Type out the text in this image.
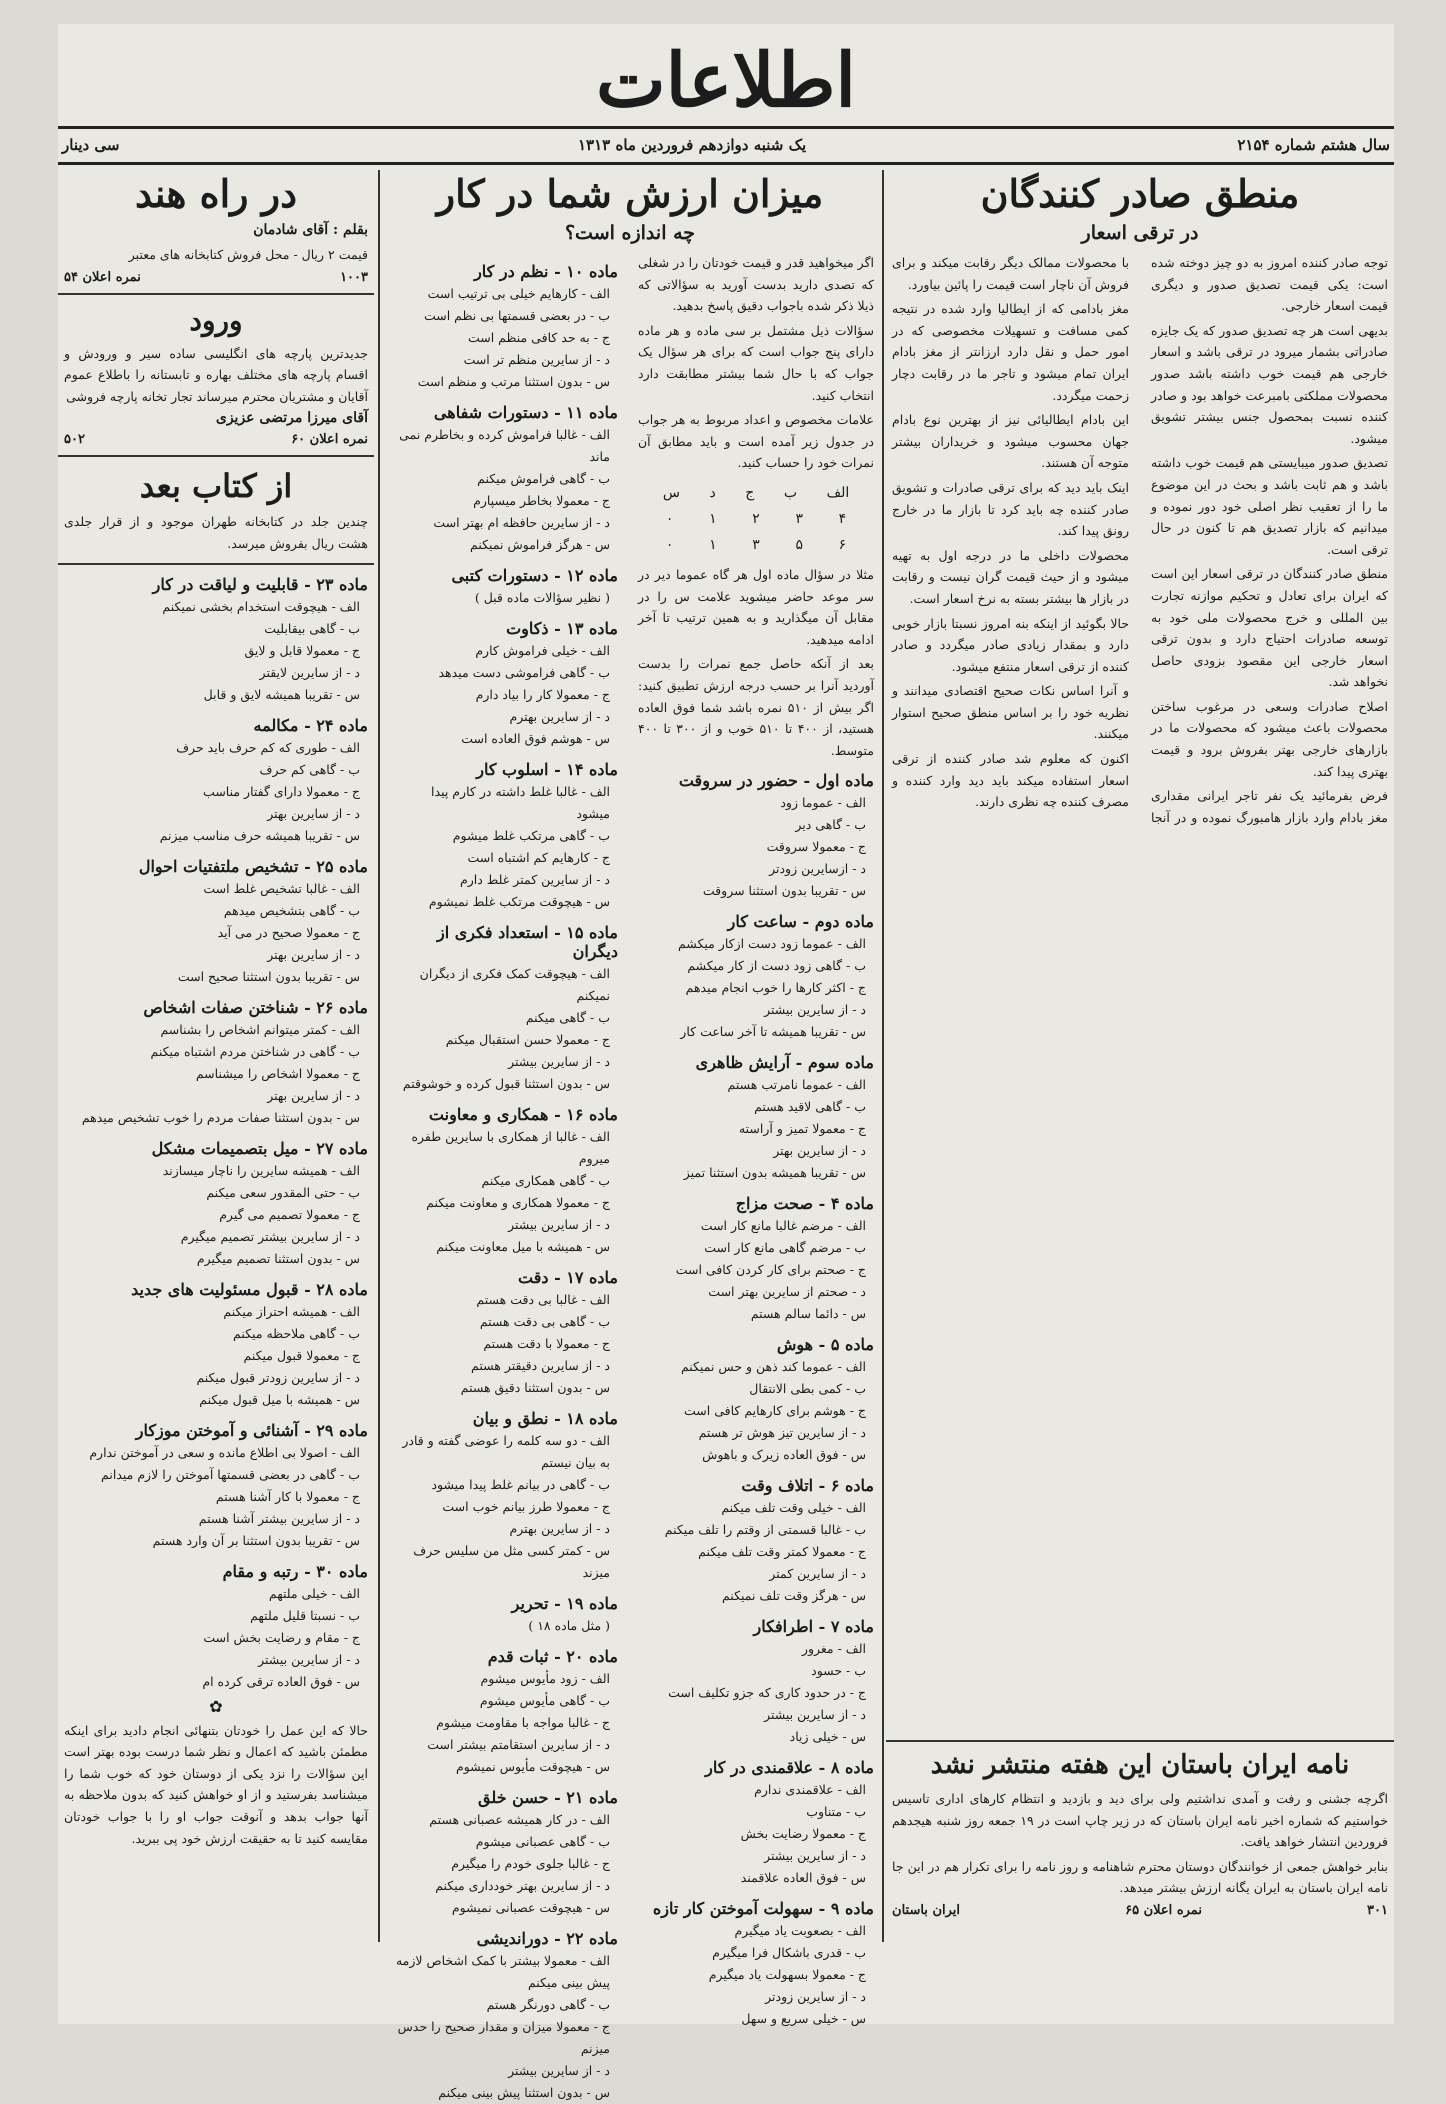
اطلاعات
سال هشتم شماره ۲۱۵۴
یک شنبه دوازدهم فروردین ماه ۱۳۱۳
سی دینار
منطق صادر کنندگان
در ترقی اسعار

توجه صادر کننده امروز به دو چیز دوخته شده است: یکی قیمت تصدیق صدور و دیگری قیمت اسعار خارجی.

بدیهی است هر چه تصدیق صدور که یک جایزه صادراتی بشمار میرود در ترقی باشد و اسعار خارجی هم قیمت خوب داشته باشد صدور محصولات مملکتی بامبرعت خواهد بود و صادر کننده نسبت بمحصول جنس بیشتر تشویق میشود.

تصدیق صدور میبایستی هم قیمت خوب داشته باشد و هم ثابت باشد و بحث در این موضوع ما را از تعقیب نظر اصلی خود دور نموده و میدانیم که بازار تصدیق هم تا کنون در حال ترقی است.

منطق صادر کنندگان در ترقی اسعار این است که ایران برای تعادل و تحکیم موازنه تجارت بین المللی و خرج محصولات ملی خود به توسعه صادرات احتیاج دارد و بدون ترقی اسعار خارجی این مقصود بزودی حاصل نخواهد شد.

اصلاح صادرات وسعی در مرغوب ساختن محصولات باعث میشود که محصولات ما در بازارهای خارجی بهتر بفروش برود و قیمت بهتری پیدا کند.

فرض بفرمائید یک نفر تاجر ایرانی مقداری مغز بادام وارد بازار هامبورگ نموده و در آنجا با محصولات ممالک دیگر رقابت میکند و برای فروش آن ناچار است قیمت را پائین بیاورد.

مغز بادامی که از ایطالیا وارد شده در نتیجه کمی مسافت و تسهیلات مخصوصی که در امور حمل و نقل دارد ارزانتر از مغز بادام ایران تمام میشود و تاجر ما در رقابت دچار زحمت میگردد.

این بادام ایطالیائی نیز از بهترین نوع بادام جهان محسوب میشود و خریداران بیشتر متوجه آن هستند.

اینک باید دید که برای ترقی صادرات و تشویق صادر کننده چه باید کرد تا بازار ما در خارج رونق پیدا کند.

محصولات داخلی ما در درجه اول به تهیه میشود و از حیث قیمت گران نیست و رقابت در بازار ها بیشتر بسته به نرخ اسعار است.

حالا بگوئید از اینکه بنه امروز نسبتا بازار خوبی دارد و بمقدار زیادی صادر میگردد و صادر کننده از ترقی اسعار منتفع میشود.

و آنرا اساس نکات صحیح اقتصادی میدانند و نظریه خود را بر اساس منطق صحیح استوار میکنند.

اکنون که معلوم شد صادر کننده از ترقی اسعار استفاده میکند باید دید وارد کننده و مصرف کننده چه نظری دارند.

نامه ایران باستان این هفته منتشر نشد

اگرچه جشنی و رفت و آمدی نداشتیم ولی برای دید و بازدید و انتظام کارهای اداری تاسیس خواستیم که شماره اخیر نامه ایران باستان که در زیر چاپ است در ۱۹ جمعه روز شنبه هیجدهم فروردین انتشار خواهد یافت.

بنابر خواهش جمعی از خوانندگان دوستان محترم شاهنامه و روز نامه را برای تکرار هم در این جا نامه ایران باستان به ایران یگانه ارزش بیشتر میدهد.

۳۰۱
نمره اعلان ۶۵
ایران باستان
میزان ارزش شما در کار
چه اندازه است؟

اگر میخواهید قدر و قیمت خودتان را در شغلی که تصدی دارید بدست آورید به سؤالاتی که ذیلا ذکر شده باجواب دقیق پاسخ بدهید.

سؤالات ذیل مشتمل بر سی ماده و هر ماده دارای پنج جواب است که برای هر سؤال یک جواب که با حال شما بیشتر مطابقت دارد انتخاب کنید.

علامات مخصوص و اعداد مربوط به هر جواب در جدول زیر آمده است و باید مطابق آن نمرات خود را حساب کنید.

الف
ب
ج
د
س
۴
۳
۲
۱
۰
۶
۵
۳
۱
۰

مثلا در سؤال ماده اول هر گاه عموما دیر در سر موعد حاضر میشوید علامت س را در مقابل آن میگذارید و به همین ترتیب تا آخر ادامه میدهید.

بعد از آنکه حاصل جمع نمرات را بدست آوردید آنرا بر حسب درجه ارزش تطبیق کنید: اگر بیش از ۵۱۰ نمره باشد شما فوق العاده هستید، از ۴۰۰ تا ۵۱۰ خوب و از ۳۰۰ تا ۴۰۰ متوسط.

ماده اول - حضور در سروقت
الف - عموما زود
ب - گاهی دیر
ج - معمولا سروقت
د - ازسایرین زودتر
س - تقریبا بدون استثنا سروقت
ماده دوم - ساعت کار
الف - عموما زود دست ازکار میکشم
ب - گاهی زود دست از کار میکشم
ج - اکثر کارها را خوب انجام میدهم
د - از سایرین بیشتر
س - تقریبا همیشه تا آخر ساعت کار
ماده سوم - آرایش ظاهری
الف - عموما نامرتب هستم
ب - گاهی لاقید هستم
ج - معمولا تمیز و آراسته
د - از سایرین بهتر
س - تقریبا همیشه بدون استثنا تمیز
ماده ۴ - صحت مزاج
الف - مرضم غالبا مانع کار است
ب - مرضم گاهی مانع کار است
ج - صحتم برای کار کردن کافی است
د - صحتم از سایرین بهتر است
س - دائما سالم هستم
ماده ۵ - هوش
الف - عموما کند ذهن و حس نمیکنم
ب - کمی بطی الانتقال
ج - هوشم برای کارهایم کافی است
د - از سایرین تیز هوش تر هستم
س - فوق العاده زیرک و باهوش
ماده ۶ - اتلاف وقت
الف - خیلی وقت تلف میکنم
ب - غالبا قسمتی از وقتم را تلف میکنم
ج - معمولا کمتر وقت تلف میکنم
د - از سایرین کمتر
س - هرگز وقت تلف نمیکنم
ماده ۷ - اطرافکار
الف - مغرور
ب - حسود
ج - در حدود کاری که جزو تکلیف است
د - از سایرین بیشتر
س - خیلی زیاد
ماده ۸ - علاقمندی در کار
الف - علاقمندی ندارم
ب - متناوب
ج - معمولا رضایت بخش
د - از سایرین بیشتر
س - فوق العاده علاقمند
ماده ۹ - سهولت آموختن کار تازه
الف - بصعوبت یاد میگیرم
ب - قدری باشکال فرا میگیرم
ج - معمولا بسهولت یاد میگیرم
د - از سایرین زودتر
س - خیلی سریع و سهل
ماده ۱۰ - نظم در کار
الف - کارهایم خیلی بی ترتیب است
ب - در بعضی قسمتها بی نظم است
ج - به حد کافی منظم است
د - از سایرین منظم تر است
س - بدون استثنا مرتب و منظم است
ماده ۱۱ - دستورات شفاهی
الف - غالبا فراموش کرده و بخاطرم نمی ماند
ب - گاهی فراموش میکنم
ج - معمولا بخاطر میسپارم
د - از سایرین حافظه ام بهتر است
س - هرگز فراموش نمیکنم
ماده ۱۲ - دستورات کتبی
( نظیر سؤالات ماده قبل )
ماده ۱۳ - ذکاوت
الف - خیلی فراموش کارم
ب - گاهی فراموشی دست میدهد
ج - معمولا کار را بیاد دارم
د - از سایرین بهترم
س - هوشم فوق العاده است
ماده ۱۴ - اسلوب کار
الف - غالبا غلط داشته در کارم پیدا میشود
ب - گاهی مرتکب غلط میشوم
ج - کارهایم کم اشتباه است
د - از سایرین کمتر غلط دارم
س - هیچوقت مرتکب غلط نمیشوم
ماده ۱۵ - استعداد فکری از دیگران
الف - هیچوقت کمک فکری از دیگران نمیکنم
ب - گاهی میکنم
ج - معمولا حسن استقبال میکنم
د - از سایرین بیشتر
س - بدون استثنا قبول کرده و خوشوقتم
ماده ۱۶ - همکاری و معاونت
الف - غالبا از همکاری با سایرین طفره میروم
ب - گاهی همکاری میکنم
ج - معمولا همکاری و معاونت میکنم
د - از سایرین بیشتر
س - همیشه با میل معاونت میکنم
ماده ۱۷ - دقت
الف - غالبا بی دقت هستم
ب - گاهی بی دقت هستم
ج - معمولا با دقت هستم
د - از سایرین دقیقتر هستم
س - بدون استثنا دقیق هستم
ماده ۱۸ - نطق و بیان
الف - دو سه کلمه را عوضی گفته و قادر به بیان نیستم
ب - گاهی در بیانم غلط پیدا میشود
ج - معمولا طرز بیانم خوب است
د - از سایرین بهترم
س - کمتر کسی مثل من سلیس حرف میزند
ماده ۱۹ - تحریر
( مثل ماده ۱۸ )
ماده ۲۰ - ثبات قدم
الف - زود مأیوس میشوم
ب - گاهی مأیوس میشوم
ج - غالبا مواجه با مقاومت میشوم
د - از سایرین استقامتم بیشتر است
س - هیچوقت مأیوس نمیشوم
ماده ۲۱ - حسن خلق
الف - در کار همیشه عصبانی هستم
ب - گاهی عصبانی میشوم
ج - غالبا جلوی خودم را میگیرم
د - از سایرین بهتر خودداری میکنم
س - هیچوقت عصبانی نمیشوم
ماده ۲۲ - دوراندیشی
الف - معمولا بیشتر با کمک اشخاص لازمه پیش بینی میکنم
ب - گاهی دورنگر هستم
ج - معمولا میزان و مقدار صحیح را حدس میزنم
د - از سایرین بیشتر
س - بدون استثنا پیش بینی میکنم
در راه هند
بقلم : آقای شادمان

قیمت ۲ ریال - محل فروش کتابخانه های معتبر

۱۰۰۳
نمره اعلان ۵۴
ورود

جدیدترین پارچه های انگلیسی ساده سیر و ورودش و اقسام پارچه های مختلف بهاره و تابستانه را باطلاع عموم آقایان و مشتریان محترم میرساند تجار تخانه پارچه فروشی

آقای میرزا مرتضی عزیزی
نمره اعلان ۶۰
۵۰۲
از کتاب بعد

چندین جلد در کتابخانه طهران موجود و از قرار جلدی هشت ریال بفروش میرسد.

ماده ۲۳ - قابلیت و لیاقت در کار
الف - هیچوقت استخدام بخشی نمیکنم
ب - گاهی بیقابلیت
ج - معمولا قابل و لایق
د - از سایرین لایقتر
س - تقریبا همیشه لایق و قابل
ماده ۲۴ - مکالمه
الف - طوری که کم حرف باید حرف
ب - گاهی کم حرف
ج - معمولا دارای گفتار مناسب
د - از سایرین بهتر
س - تقریبا همیشه حرف مناسب میزنم
ماده ۲۵ - تشخیص ملتفتیات احوال
الف - غالبا تشخیص غلط است
ب - گاهی بتشخیص میدهم
ج - معمولا صحیح در می آید
د - از سایرین بهتر
س - تقریبا بدون استثنا صحیح است
ماده ۲۶ - شناختن صفات اشخاص
الف - کمتر میتوانم اشخاص را بشناسم
ب - گاهی در شناختن مردم اشتباه میکنم
ج - معمولا اشخاص را میشناسم
د - از سایرین بهتر
س - بدون استثنا صفات مردم را خوب تشخیص میدهم
ماده ۲۷ - میل بتصمیمات مشکل
الف - همیشه سایرین را ناچار میسازند
ب - حتی المقدور سعی میکنم
ج - معمولا تصمیم می گیرم
د - از سایرین بیشتر تصمیم میگیرم
س - بدون استثنا تصمیم میگیرم
ماده ۲۸ - قبول مسئولیت های جدید
الف - همیشه احتراز میکنم
ب - گاهی ملاحظه میکنم
ج - معمولا قبول میکنم
د - از سایرین زودتر قبول میکنم
س - همیشه با میل قبول میکنم
ماده ۲۹ - آشنائی و آموختن موزکار
الف - اصولا بی اطلاع مانده و سعی در آموختن ندارم
ب - گاهی در بعضی قسمتها آموختن را لازم میدانم
ج - معمولا با کار آشنا هستم
د - از سایرین بیشتر آشنا هستم
س - تقریبا بدون استثنا بر آن وارد هستم
ماده ۳۰ - رتبه و مقام
الف - خیلی ملتهم
ب - نسبتا قلیل ملتهم
ج - مقام و رضایت بخش است
د - از سایرین بیشتر
س - فوق العاده ترقی کرده ام
✿

حالا که این عمل را خودتان بتنهائی انجام دادید برای اینکه مطمئن باشید که اعمال و نظر شما درست بوده بهتر است این سؤالات را نزد یکی از دوستان خود که خوب شما را میشناسد بفرستید و از او خواهش کنید که بدون ملاحظه به آنها جواب بدهد و آنوقت جواب او را با جواب خودتان مقایسه کنید تا به حقیقت ارزش خود پی ببرید.
